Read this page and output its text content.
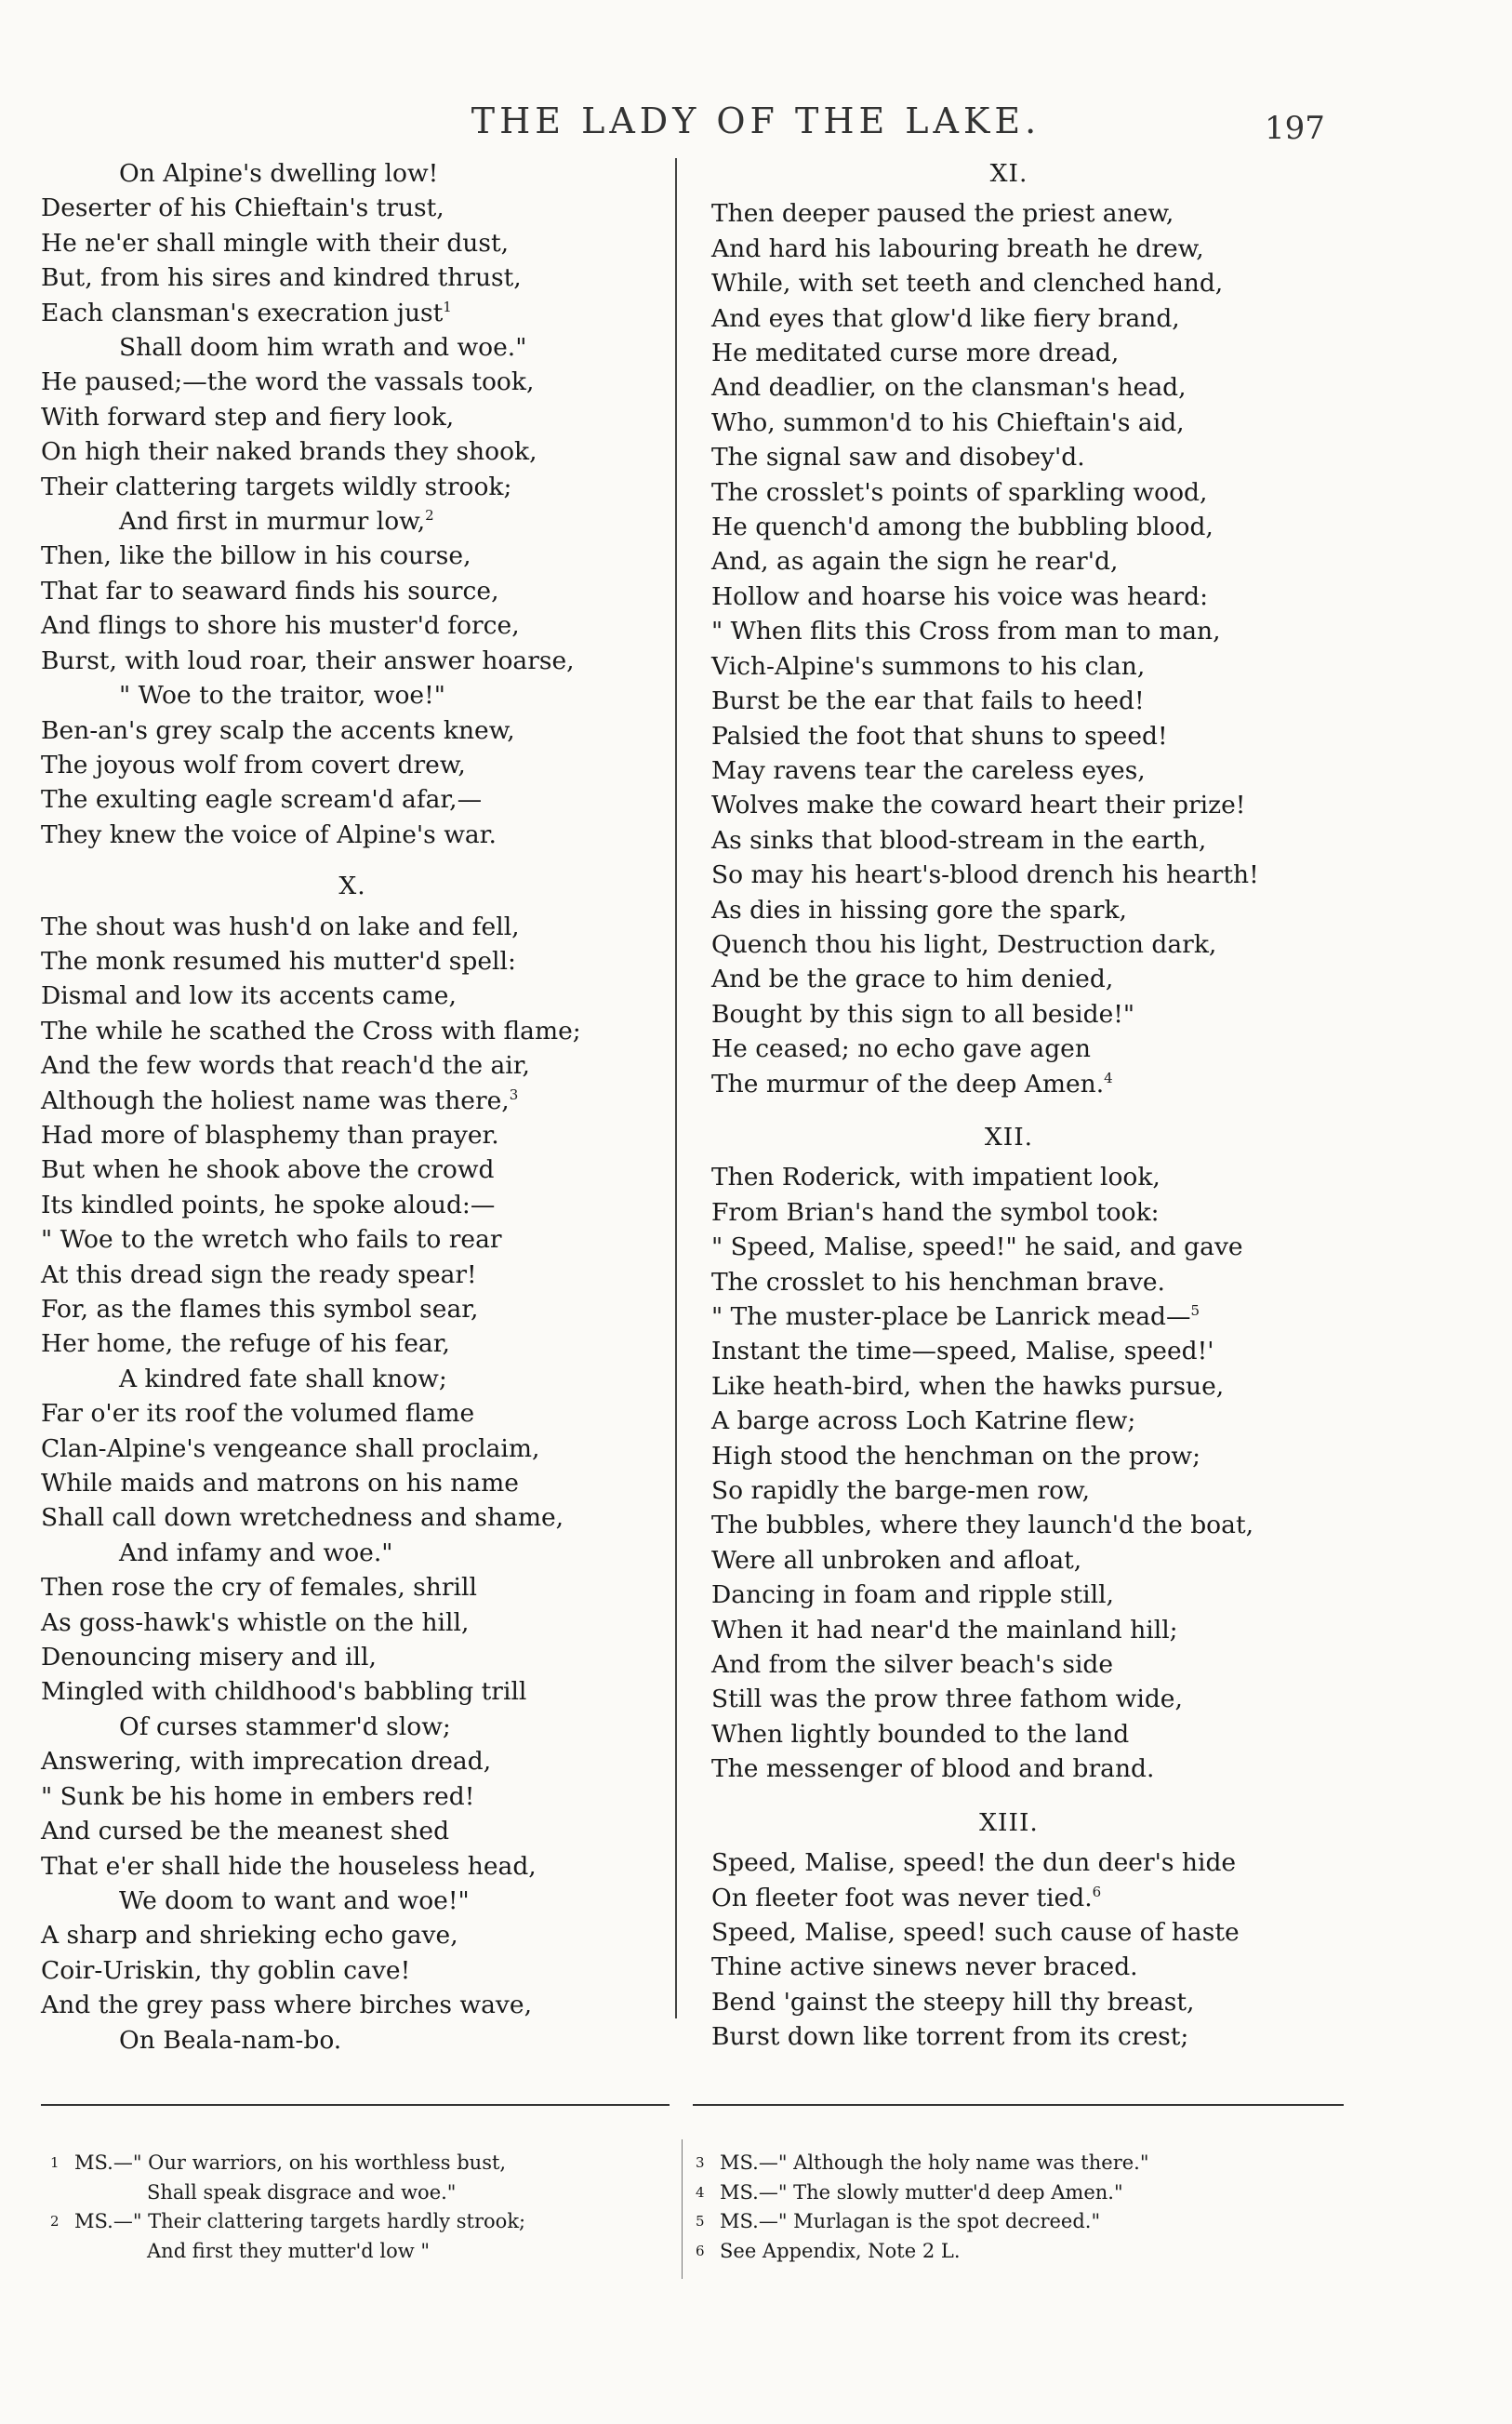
THE LADY OF THE LAKE.	197
On Alpine's dwelling low!
Deserter of his Chieftain's trust,
He ne'er shall mingle with their dust,
But, from his sires and kindred thrust,
Each clansman's execration just$^1$
Shall doom him wrath and woe."
He paused;—the word the vassals took,
With forward step and fiery look,
On high their naked brands they shook,
Their clattering targets wildly strook;
And first in murmur low,$^2$
Then, like the billow in his course,
That far to seaward finds his source,
And flings to shore his muster'd force,
Burst, with loud roar, their answer hoarse,
" Woe to the traitor, woe!"
Ben-an's grey scalp the accents knew,
The joyous wolf from covert drew,
The exulting eagle scream'd afar,—
They knew the voice of Alpine's war.
X.
The shout was hush'd on lake and fell,
The monk resumed his mutter'd spell:
Dismal and low its accents came,
The while he scathed the Cross with flame;
And the few words that reach'd the air,
Although the holiest name was there,$^3$
Had more of blasphemy than prayer.
But when he shook above the crowd
Its kindled points, he spoke aloud:—
" Woe to the wretch who fails to rear
At this dread sign the ready spear!
For, as the flames this symbol sear,
Her home, the refuge of his fear,
A kindred fate shall know;
Far o'er its roof the volumed flame
Clan-Alpine's vengeance shall proclaim,
While maids and matrons on his name
Shall call down wretchedness and shame,
And infamy and woe."
Then rose the cry of females, shrill
As goss-hawk's whistle on the hill,
Denouncing misery and ill,
Mingled with childhood's babbling trill
Of curses stammer'd slow;
Answering, with imprecation dread,
" Sunk be his home in embers red!
And cursed be the meanest shed
That e'er shall hide the houseless head,
We doom to want and woe!"
A sharp and shrieking echo gave,
Coir-Uriskin, thy goblin cave!
And the grey pass where birches wave,
On Beala-nam-bo.
XI.
Then deeper paused the priest anew,
And hard his labouring breath he drew,
While, with set teeth and clenched hand,
And eyes that glow'd like fiery brand,
He meditated curse more dread,
And deadlier, on the clansman's head,
Who, summon'd to his Chieftain's aid,
The signal saw and disobey'd.
The crosslet's points of sparkling wood,
He quench'd among the bubbling blood,
And, as again the sign he rear'd,
Hollow and hoarse his voice was heard:
" When flits this Cross from man to man,
Vich-Alpine's summons to his clan,
Burst be the ear that fails to heed!
Palsied the foot that shuns to speed!
May ravens tear the careless eyes,
Wolves make the coward heart their prize!
As sinks that blood-stream in the earth,
So may his heart's-blood drench his hearth!
As dies in hissing gore the spark,
Quench thou his light, Destruction dark,
And be the grace to him denied,
Bought by this sign to all beside!"
He ceased; no echo gave agen
The murmur of the deep Amen.$^4$
XII.
Then Roderick, with impatient look,
From Brian's hand the symbol took:
" Speed, Malise, speed!" he said, and gave
The crosslet to his henchman brave.
" The muster-place be Lanrick mead—$^5$
Instant the time—speed, Malise, speed!'
Like heath-bird, when the hawks pursue,
A barge across Loch Katrine flew;
High stood the henchman on the prow;
So rapidly the barge-men row,
The bubbles, where they launch'd the boat,
Were all unbroken and afloat,
Dancing in foam and ripple still,
When it had near'd the mainland hill;
And from the silver beach's side
Still was the prow three fathom wide,
When lightly bounded to the land
The messenger of blood and brand.
XIII.
Speed, Malise, speed! the dun deer's hide
On fleeter foot was never tied.$^6$
Speed, Malise, speed! such cause of haste
Thine active sinews never braced.
Bend 'gainst the steepy hill thy breast,
Burst down like torrent from its crest;
1 MS.—" Our warriors, on his worthless bust,
Shall speak disgrace and woe."
2 MS.—" Their clattering targets hardly strook;
And first they mutter'd low "
3 MS.—" Although the holy name was there."
4 MS.—" The slowly mutter'd deep Amen."
5 MS.—" Murlagan is the spot decreed."
6 See Appendix, Note 2 L.
